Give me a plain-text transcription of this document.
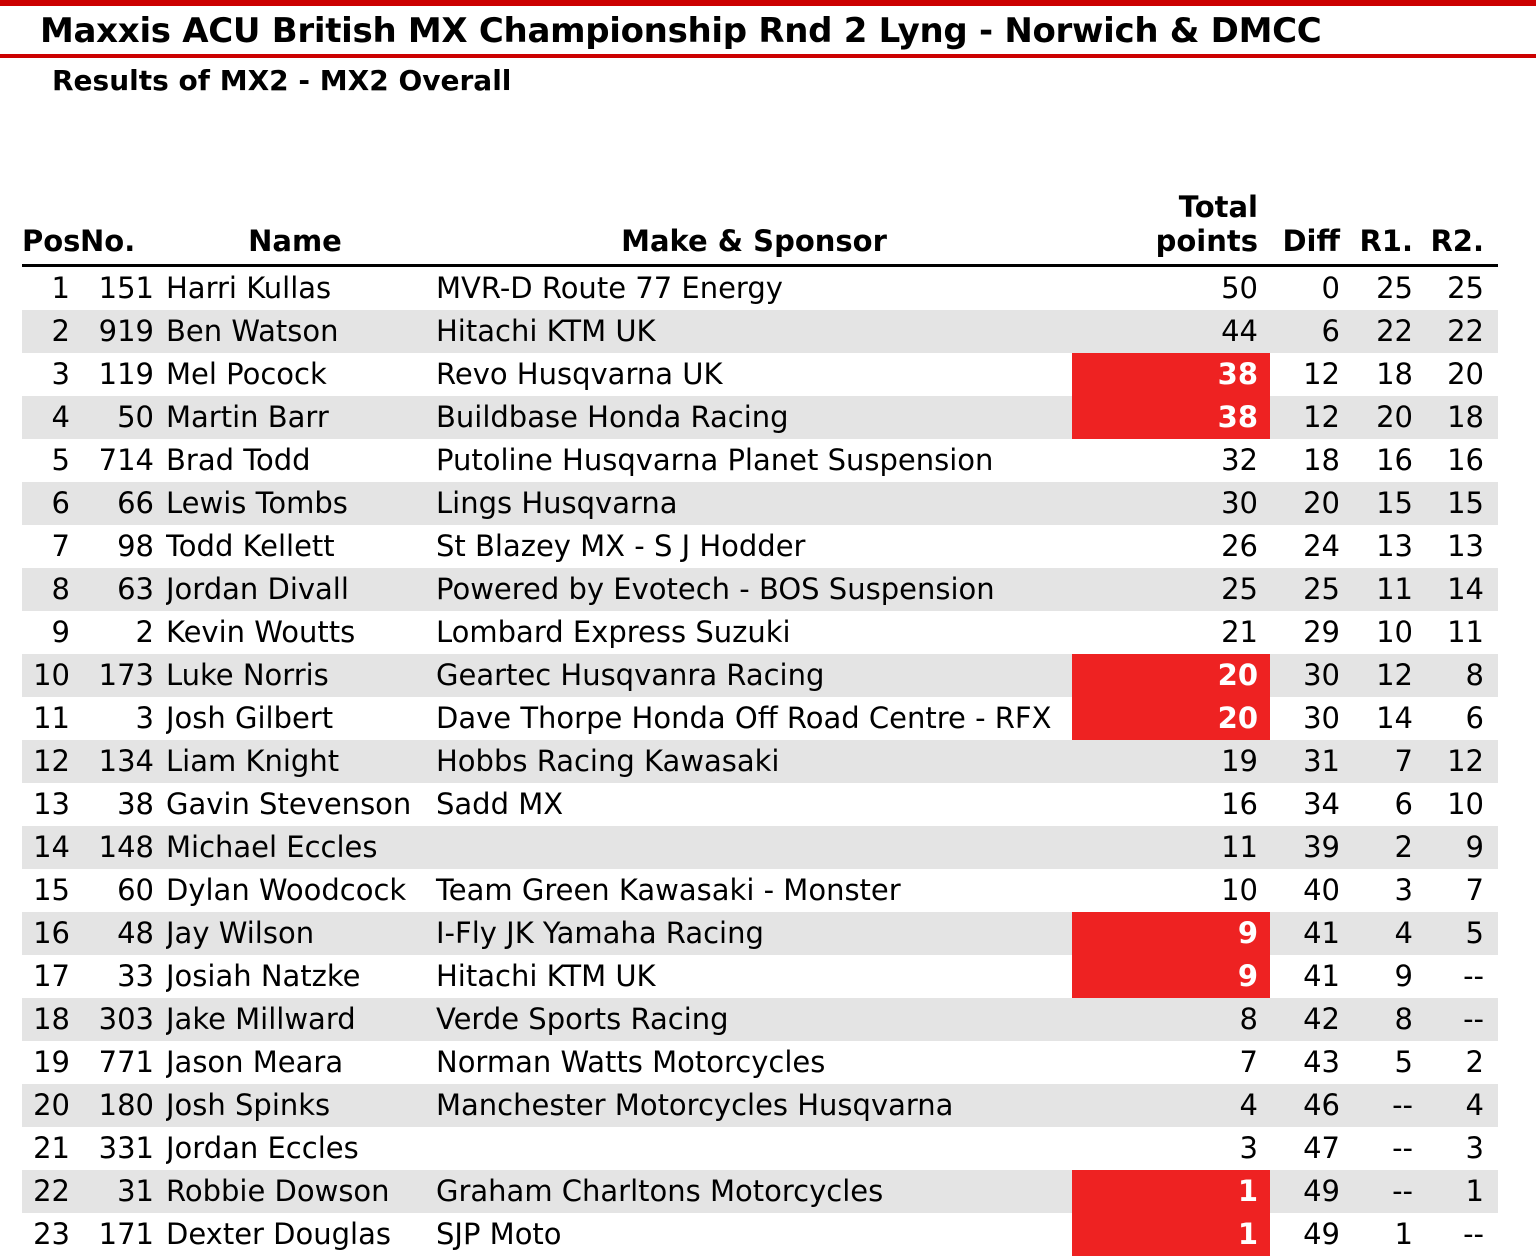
Maxxis ACU British MX Championship Rnd 2 Lyng - Norwich & DMCC
Results of MX2 - MX2 Overall
Pos	No.	Name	Make & Sponsor	Total points	Diff	R1.	R2.
1	151	Harri Kullas	MVR-D Route 77 Energy	50	0	25	25
2	919	Ben Watson	Hitachi KTM UK	44	6	22	22
3	119	Mel Pocock	Revo Husqvarna UK	38	12	18	20
4	50	Martin Barr	Buildbase Honda Racing	38	12	20	18
5	714	Brad Todd	Putoline Husqvarna Planet Suspension	32	18	16	16
6	66	Lewis Tombs	Lings Husqvarna	30	20	15	15
7	98	Todd Kellett	St Blazey MX - S J Hodder	26	24	13	13
8	63	Jordan Divall	Powered by Evotech - BOS Suspension	25	25	11	14
9	2	Kevin Woutts	Lombard Express Suzuki	21	29	10	11
10	173	Luke Norris	Geartec Husqvanra Racing	20	30	12	8
11	3	Josh Gilbert	Dave Thorpe Honda Off Road Centre - RFX	20	30	14	6
12	134	Liam Knight	Hobbs Racing Kawasaki	19	31	7	12
13	38	Gavin Stevenson	Sadd MX	16	34	6	10
14	148	Michael Eccles		11	39	2	9
15	60	Dylan Woodcock	Team Green Kawasaki - Monster	10	40	3	7
16	48	Jay Wilson	I-Fly JK Yamaha Racing	9	41	4	5
17	33	Josiah Natzke	Hitachi KTM UK	9	41	9	--
18	303	Jake Millward	Verde Sports Racing	8	42	8	--
19	771	Jason Meara	Norman Watts Motorcycles	7	43	5	2
20	180	Josh Spinks	Manchester Motorcycles Husqvarna	4	46	--	4
21	331	Jordan Eccles		3	47	--	3
22	31	Robbie Dowson	Graham Charltons Motorcycles	1	49	--	1
23	171	Dexter Douglas	SJP Moto	1	49	1	--
